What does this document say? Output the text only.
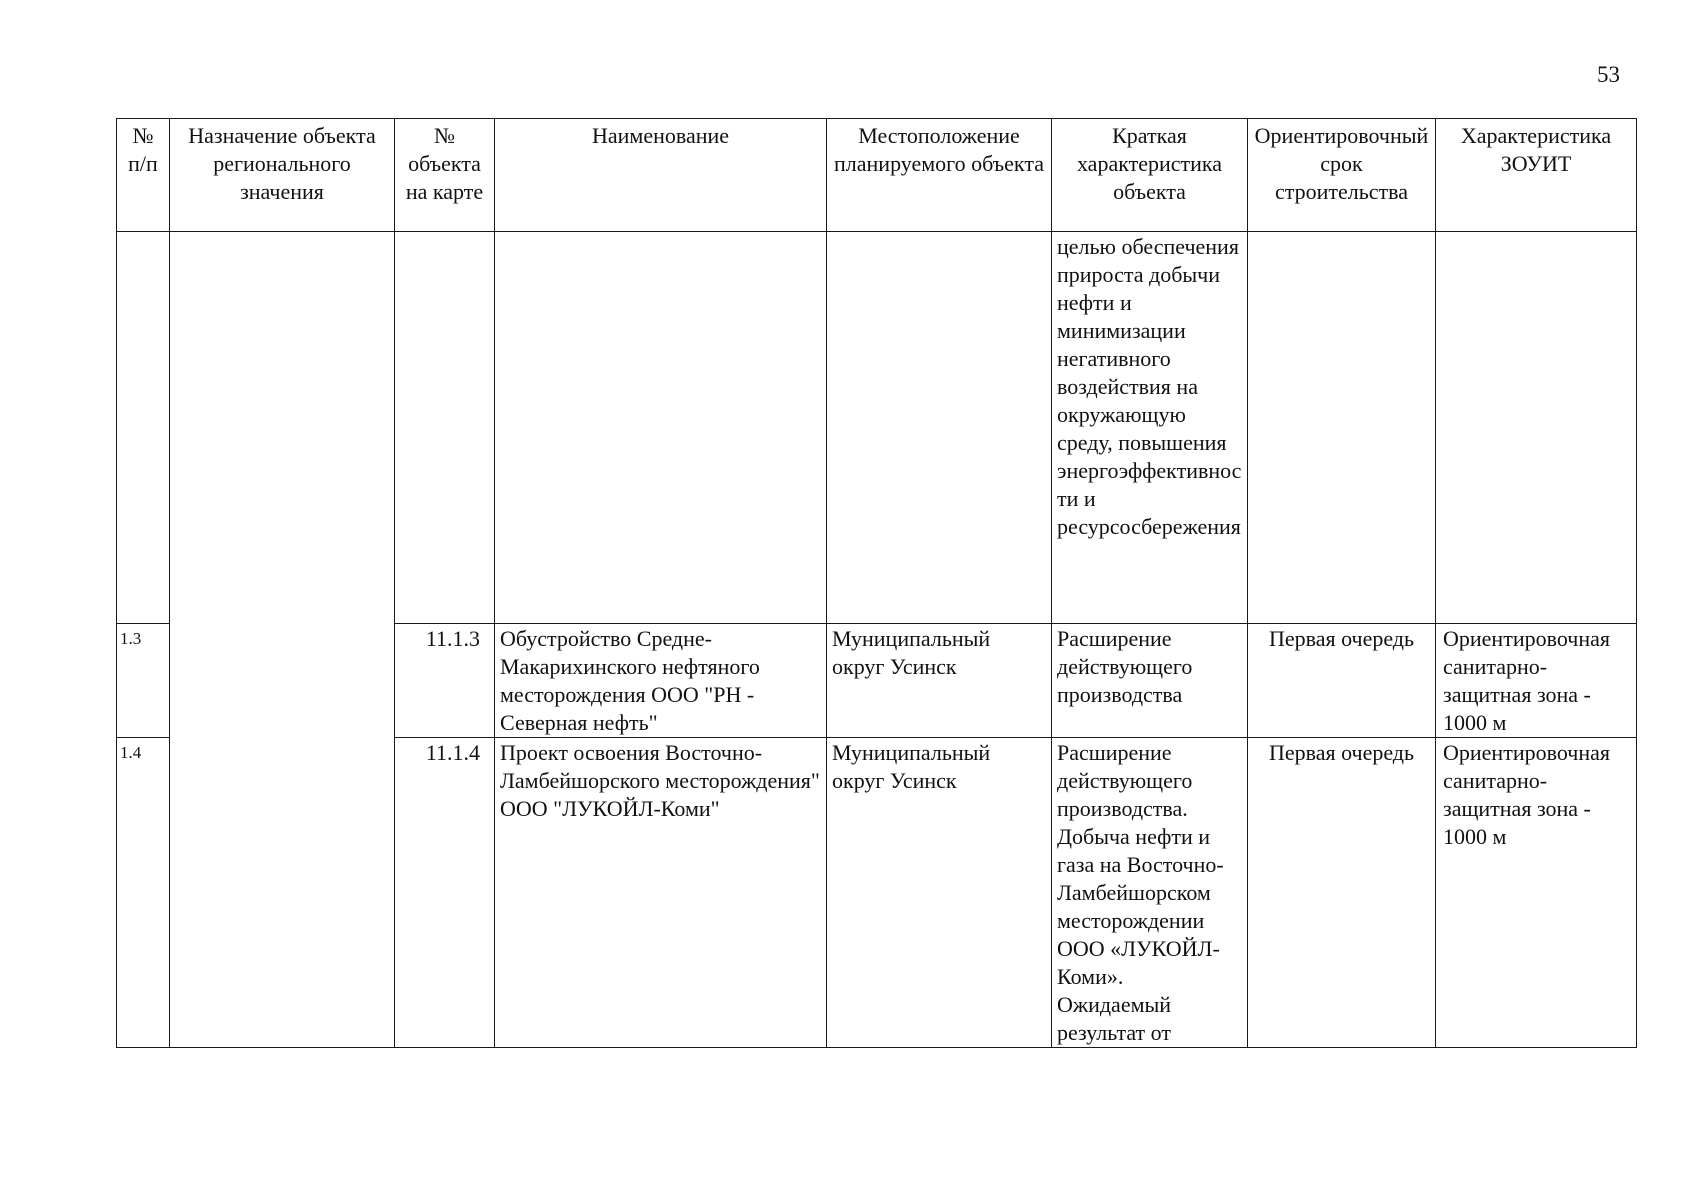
53
№ п/п	Назначение объекта регионального значения	№ объекта на карте	Наименование	Местоположение планируемого объекта	Краткая характеристика объекта	Ориентировочный срок строительства	Характеристика ЗОУИТ
					целью обеспечения прироста добычи нефти и минимизации негативного воздействия на окружающую среду, повышения энергоэффективности и ресурсосбережения		
1.3		11.1.3	Обустройство Средне-Макарихинского нефтяного месторождения ООО "РН - Северная нефть"	Муниципальный округ Усинск	Расширение действующего производства	Первая очередь	Ориентировочная санитарно-защитная зона - 1000 м
1.4		11.1.4	Проект освоения Восточно-Ламбейшорского месторождения" ООО "ЛУКОЙЛ-Коми"	Муниципальный округ Усинск	Расширение действующего производства. Добыча нефти и газа на Восточно-Ламбейшорском месторождении ООО «ЛУКОЙЛ-Коми». Ожидаемый результат от	Первая очередь	Ориентировочная санитарно-защитная зона - 1000 м
